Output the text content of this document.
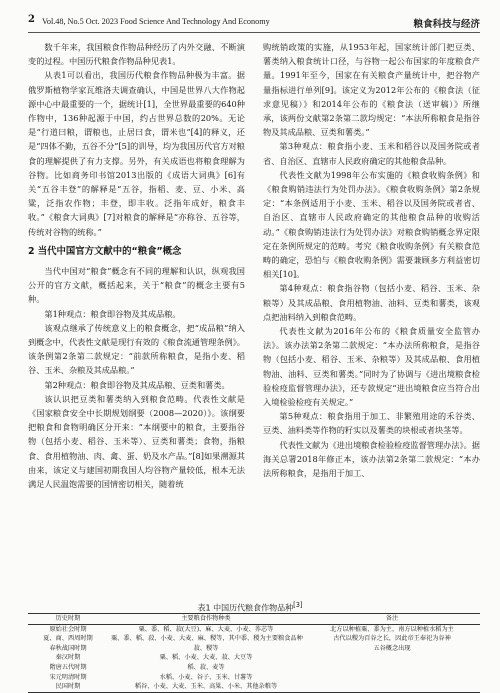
2 Vol.48, No.5 Oct. 2023 Food Science And Technology And Economy	粮食科技与经济

数千年来，我国粮食作物品种经历了内外交融、不断演变的过程。中国历代粮食作物品种见表1。

从表1可以看出，我国历代粮食作物品种极为丰富。据俄罗斯植物学家瓦维洛夫调查确认，中国是世界八大作物起源中心中最重要的一个，据统计[1]，全世界最重要的640种作物中，136种起源于中国，约占世界总数的20%。无论是“行道曰粮，谓粮也，止居曰食，谓米也”[4]的释义，还是“四体不勤，五谷不分”[5]的训导，均为我国历代官方对粮食的理解提供了有力支撑。另外，有关成语也将粮食理解为谷物。比如商务印书馆2013出版的《成语大词典》[6]有关“五谷丰登”的解释是“五谷，指稻、麦、豆、小米、高粱，泛指农作物；丰登，即丰收。泛指年成好，粮食丰收。”《粮食大词典》[7]对粮食的解释是“亦称谷、五谷等，传统对谷物的统称。”

2 当代中国官方文献中的“粮食”概念

当代中国对“粮食”概念有不同的理解和认识，纵观我国公开的官方文献，概括起来，关于“粮食”的概念主要有5种。

第1种观点：粮食即谷物及其成品粮。

该观点继承了传统意义上的粮食概念，把“成品粮”纳入到概念中，代表性文献是现行有效的《粮食流通管理条例》。该条例第2条第二款规定：“前款所称粮食，是指小麦、稻谷、玉米、杂粮及其成品粮。”

第2种观点：粮食即谷物及其成品粮、豆类和薯类。

该认识把豆类和薯类纳入到粮食范畴。代表性文献是《国家粮食安全中长期规划纲要（2008—2020）》。该纲要把粮食和食物明确区分开来：“本纲要中的粮食，主要指谷物（包括小麦、稻谷、玉米等）、豆类和薯类；食物，指粮食、食用植物油、肉、禽、蛋、奶及水产品。”[8]如果溯源其由来，该定义与建国初期我国人均谷物产量较低，根本无法满足人民温饱需要的国情密切相关，随着统

购统销政策的实施，从1953年起，国家统计部门把豆类、薯类纳入粮食统计口径，与谷物一起公布国家的年度粮食产量。1991年至今，国家在有关粮食产量统计中，把谷物产量指标进行单列[9]。该定义为2012年公布的《粮食法（征求意见稿）》和2014年公布的《粮食法（送审稿）》所继承，该两份文献第2条第二款均规定：“本法所称粮食是指谷物及其成品粮、豆类和薯类。”

第3种观点：粮食指小麦、玉米和稻谷以及国务院或者省、自治区、直辖市人民政府确定的其他粮食品种。

代表性文献为1998年公布实施的《粮食收购条例》和《粮食购销违法行为处罚办法》。《粮食收购条例》第2条规定：“本条例适用于小麦、玉米、稻谷以及国务院或者省、自治区、直辖市人民政府确定的其他粮食品种的收购活动。”《粮食购销违法行为处罚办法》对粮食购销概念界定限定在条例所规定的范畴。考究《粮食收购条例》有关粮食范畴的确定，恐怕与《粮食收购条例》需要兼顾多方利益密切相关[10]。

第4种观点：粮食指谷物（包括小麦、稻谷、玉米、杂粮等）及其成品粮、食用植物油、油料、豆类和薯类，该观点把油料纳入到粮食范畴。

代表性文献为2016年公布的《粮食质量安全监管办法》。该办法第2条第二款规定：“本办法所称粮食，是指谷物（包括小麦、稻谷、玉米、杂粮等）及其成品粮、食用植物油、油料、豆类和薯类。”同时为了协调与《进出境粮食检验检疫监督管理办法》，还专款规定“进出境粮食应当符合出入境检验检疫有关规定。”

第5种观点：粮食指用于加工、非繁殖用途的禾谷类、豆类、油料类等作物的籽实以及薯类的块根或者块茎等。

代表性文献为《进出境粮食检验检疫监督管理办法》。据海关总署2018年修正本，该办法第2条第二款规定：“本办法所称粮食，是指用于加工、

表1 中国历代粮食作物品种[3]
历史时期	主要粮食作物种类	备注
原始社会时期	粟、黍、稻、菽(大豆)、麻、大麦、小麦、荞芯等	北方以种植粟、黍为主，南方以种植水稻为主
夏、商、西周时期	粟、黍、稻、菽、小麦、大麦、麻、稷等，其中黍、稷为主要粮食品种	古代以稷为百谷之长，因此帝王奉祀为谷神
春秋战国时期	菽、稷等	五谷概念出现
秦汉时期	粟、稻、小麦、大麦、菽、大豆等	
隋唐五代时期	稻、菽、麦等	
宋元明清时期	水稻、小麦、谷子、玉米、甘薯等	
民国时期	稻谷、小麦、大麦、玉米、高粱、小米、其他杂粮等	
